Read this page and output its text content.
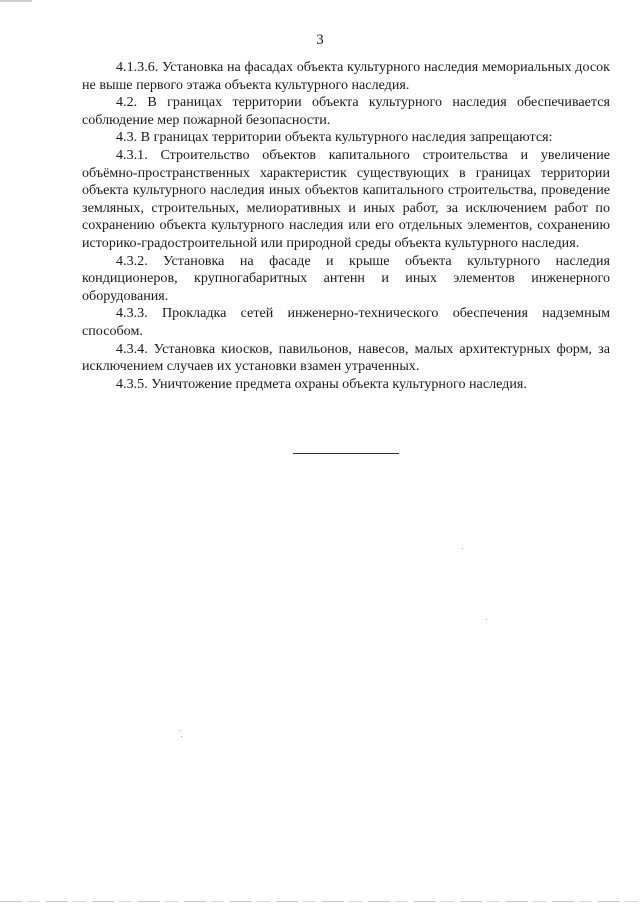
3

4.1.3.6. Установка на фасадах объекта культурного наследия мемориальных досок не выше первого этажа объекта культурного наследия.

4.2. В границах территории объекта культурного наследия обеспечивается соблюдение мер пожарной безопасности.

4.3. В границах территории объекта культурного наследия запрещаются:

4.3.1. Строительство объектов капитального строительства и увеличение объёмно-пространственных характеристик существующих в границах территории объекта культурного наследия иных объектов капитального строительства, проведение земляных, строительных, мелиоративных и иных работ, за исключением работ по сохранению объекта культурного наследия или его отдельных элементов, сохранению историко-градостроительной или природной среды объекта культурного наследия.

4.3.2. Установка на фасаде и крыше объекта культурного наследия кондиционеров, крупногабаритных антенн и иных элементов инженерного оборудования.

4.3.3. Прокладка сетей инженерно-технического обеспечения надземным способом.

4.3.4. Установка киосков, павильонов, навесов, малых архитектурных форм, за исключением случаев их установки взамен утраченных.

4.3.5. Уничтожение предмета охраны объекта культурного наследия.
